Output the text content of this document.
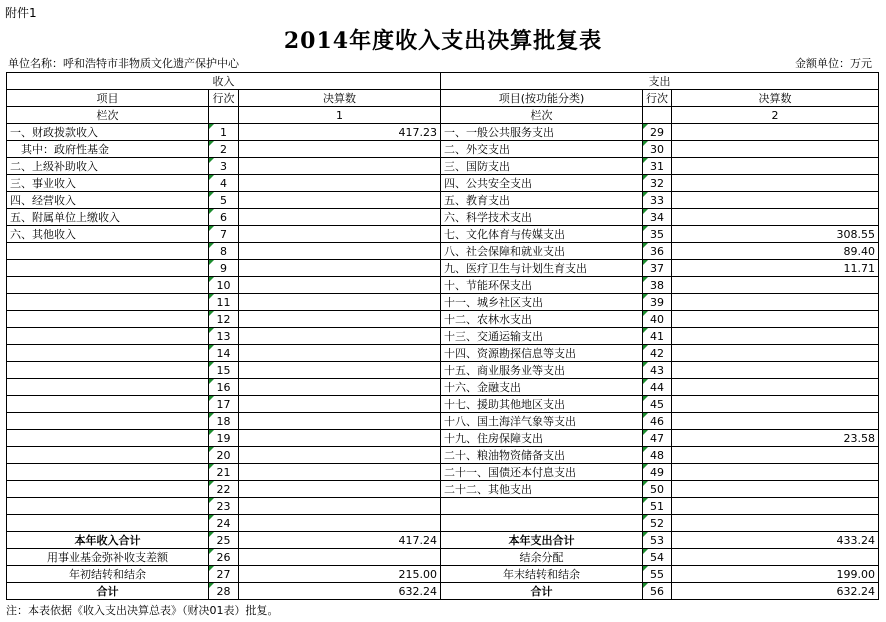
附件1
2014年度收入支出决算批复表
单位名称：呼和浩特市非物质文化遗产保护中心	金额单位：万元
收入			支出		
项目	行次	决算数	项目(按功能分类)	行次	决算数
栏次		1	栏次		2
一、财政拨款收入	1	417.23	一、一般公共服务支出	29	
　其中：政府性基金	2		二、外交支出	30	
二、上级补助收入	3		三、国防支出	31	
三、事业收入	4		四、公共安全支出	32	
四、经营收入	5		五、教育支出	33	
五、附属单位上缴收入	6		六、科学技术支出	34	
六、其他收入	7		七、文化体育与传媒支出	35	308.55
	8		八、社会保障和就业支出	36	89.40
	9		九、医疗卫生与计划生育支出	37	11.71
	10		十、节能环保支出	38	
	11		十一、城乡社区支出	39	
	12		十二、农林水支出	40	
	13		十三、交通运输支出	41	
	14		十四、资源勘探信息等支出	42	
	15		十五、商业服务业等支出	43	
	16		十六、金融支出	44	
	17		十七、援助其他地区支出	45	
	18		十八、国土海洋气象等支出	46	
	19		十九、住房保障支出	47	23.58
	20		二十、粮油物资储备支出	48	
	21		二十一、国债还本付息支出	49	
	22		二十二、其他支出	50	
	23			51	
	24			52	
本年收入合计	25	417.24	本年支出合计	53	433.24
用事业基金弥补收支差额	26		结余分配	54	
年初结转和结余	27	215.00	年末结转和结余	55	199.00
合计	28	632.24	合计	56	632.24
注：本表依据《收入支出决算总表》（财决01表）批复。
